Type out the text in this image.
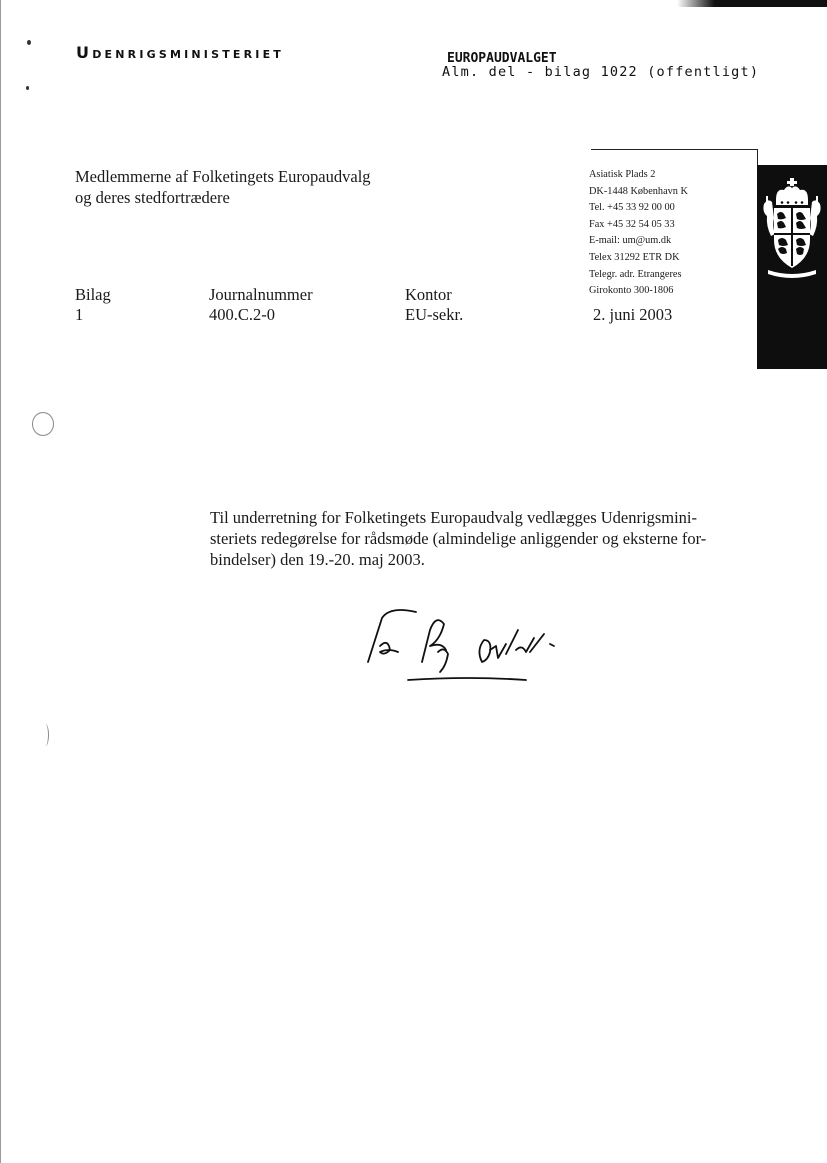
Udenrigsministeriet	EUROPAUDVALGET
Alm. del - bilag 1022 (offentligt)
Medlemmerne af Folketingets Europaudvalg
og deres stedfortrædere
Asiatisk Plads 2
DK-1448 København K
Tel. +45 33 92 00 00
Fax +45 32 54 05 33
E-mail: um@um.dk
Telex 31292 ETR DK
Telegr. adr. Etrangeres
Girokonto 300-1806
Bilag
1
Journalnummer
400.C.2-0
Kontor
EU-sekr.	2. juni 2003
Til underretning for Folketingets Europaudvalg vedlægges Udenrigsmini-
steriets redegørelse for rådsmøde (almindelige anliggender og eksterne for-
bindelser) den 19.-20. maj 2003.
